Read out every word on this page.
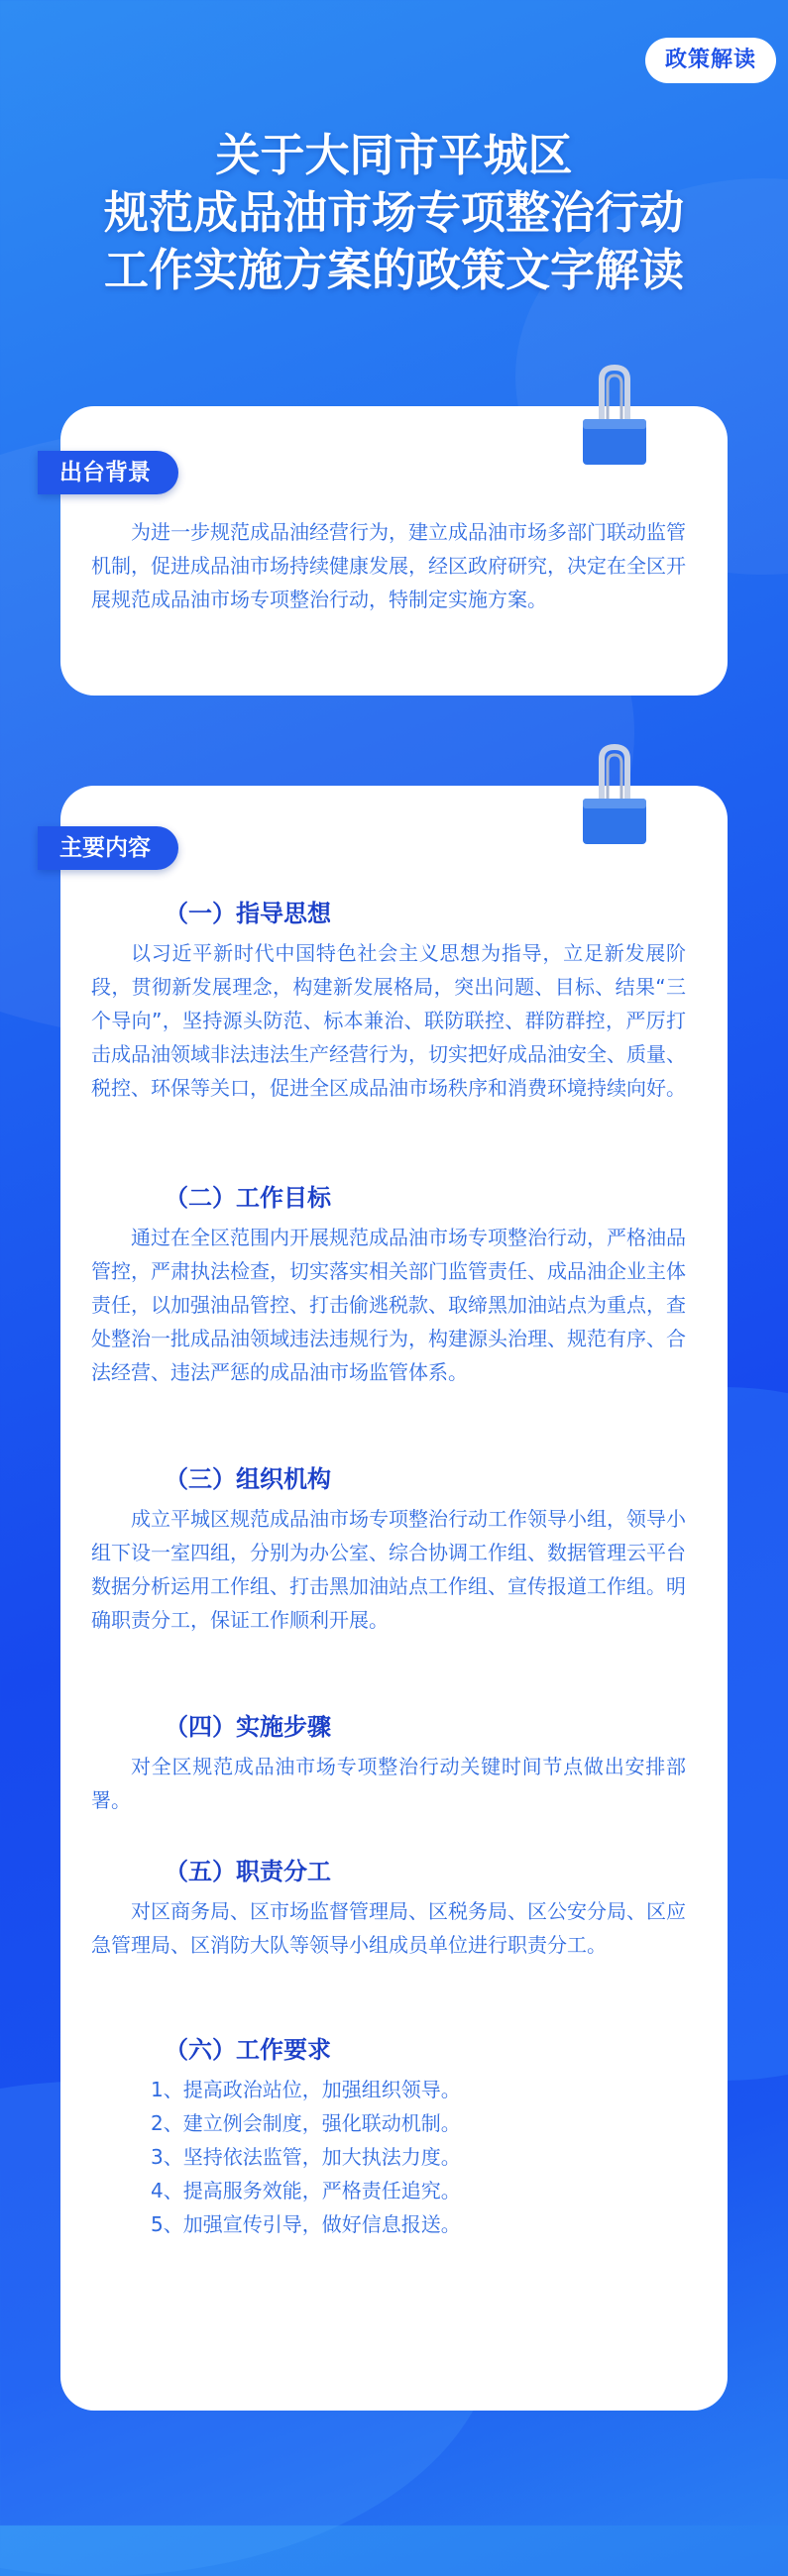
政策解读
关于大同市平城区
规范成品油市场专项整治行动
工作实施方案的政策文字解读
出台背景

为进一步规范成品油经营行为，建立成品油市场多部门联动监管机制，促进成品油市场持续健康发展，经区政府研究，决定在全区开展规范成品油市场专项整治行动，特制定实施方案。

主要内容
（一）指导思想

以习近平新时代中国特色社会主义思想为指导，立足新发展阶段，贯彻新发展理念，构建新发展格局，突出问题、目标、结果“三个导向”，坚持源头防范、标本兼治、联防联控、群防群控，严厉打击成品油领域非法违法生产经营行为，切实把好成品油安全、质量、税控、环保等关口，促进全区成品油市场秩序和消费环境持续向好。

（二）工作目标

通过在全区范围内开展规范成品油市场专项整治行动，严格油品管控，严肃执法检查，切实落实相关部门监管责任、成品油企业主体责任，以加强油品管控、打击偷逃税款、取缔黑加油站点为重点，查处整治一批成品油领域违法违规行为，构建源头治理、规范有序、合法经营、违法严惩的成品油市场监管体系。

（三）组织机构

成立平城区规范成品油市场专项整治行动工作领导小组，领导小组下设一室四组，分别为办公室、综合协调工作组、数据管理云平台数据分析运用工作组、打击黑加油站点工作组、宣传报道工作组。明确职责分工，保证工作顺利开展。

（四）实施步骤

对全区规范成品油市场专项整治行动关键时间节点做出安排部署。

（五）职责分工

对区商务局、区市场监督管理局、区税务局、区公安分局、区应急管理局、区消防大队等领导小组成员单位进行职责分工。

（六）工作要求
1、提高政治站位，加强组织领导。
2、建立例会制度，强化联动机制。
3、坚持依法监管，加大执法力度。
4、提高服务效能，严格责任追究。
5、加强宣传引导，做好信息报送。
